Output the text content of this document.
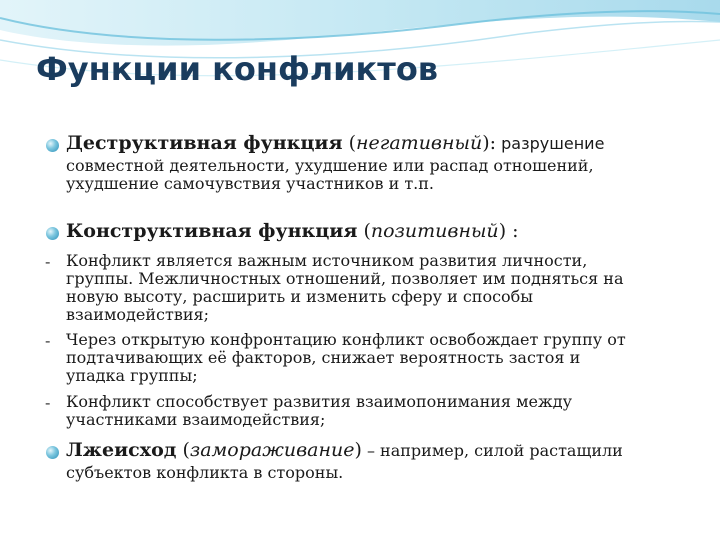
Функции конфликтов
Деструктивная функция (негативный): разрушение
совместной деятельности, ухудшение или распад отношений,
ухудшение самочувствия участников и т.п.
Конструктивная функция (позитивный) :
- Конфликт является важным источником развития личности,
группы. Межличностных отношений, позволяет им подняться на
новую высоту, расширить и изменить сферу и способы
взаимодействия;
- Через открытую конфронтацию конфликт освобождает группу от
подтачивающих её факторов, снижает вероятность застоя и
упадка группы;
- Конфликт способствует развития взаимопонимания между
участниками взаимодействия;
Лжеисход (замораживание) – например, силой растащили
субъектов конфликта в стороны.
